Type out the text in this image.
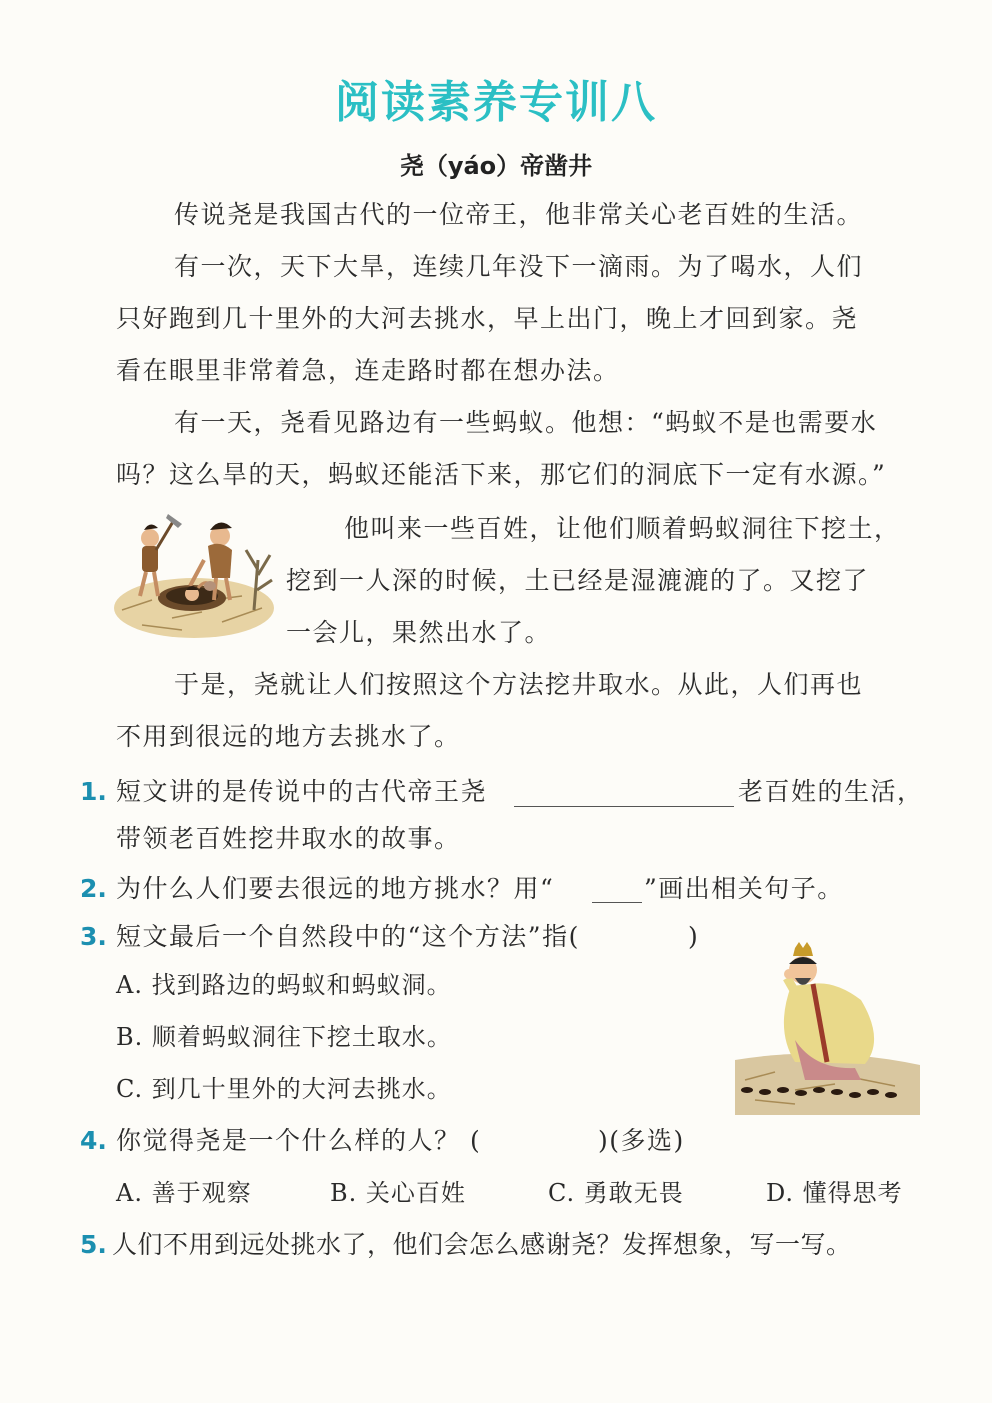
阅读素养专训八
尧（yáo）帝凿井
传说尧是我国古代的一位帝王，他非常关心老百姓的生活。
有一次，天下大旱，连续几年没下一滴雨。为了喝水，人们
只好跑到几十里外的大河去挑水，早上出门，晚上才回到家。尧
看在眼里非常着急，连走路时都在想办法。
有一天，尧看见路边有一些蚂蚁。他想：“蚂蚁不是也需要水
吗？这么旱的天，蚂蚁还能活下来，那它们的洞底下一定有水源。”
他叫来一些百姓，让他们顺着蚂蚁洞往下挖土，
挖到一人深的时候，土已经是湿漉漉的了。又挖了
一会儿，果然出水了。
于是，尧就让人们按照这个方法挖井取水。从此，人们再也
不用到很远的地方去挑水了。
1. 短文讲的是传说中的古代帝王尧	老百姓的生活，
带领老百姓挖井取水的故事。
2. 为什么人们要去很远的地方挑水？用“	”画出相关句子。
3. 短文最后一个自然段中的“这个方法”指(	)
A. 找到路边的蚂蚁和蚂蚁洞。
B. 顺着蚂蚁洞往下挖土取水。
C. 到几十里外的大河去挑水。
4. 你觉得尧是一个什么样的人？ (	)(多选)
A. 善于观察	B. 关心百姓	C. 勇敢无畏	D. 懂得思考
5. 人们不用到远处挑水了，他们会怎么感谢尧？发挥想象，写一写。
